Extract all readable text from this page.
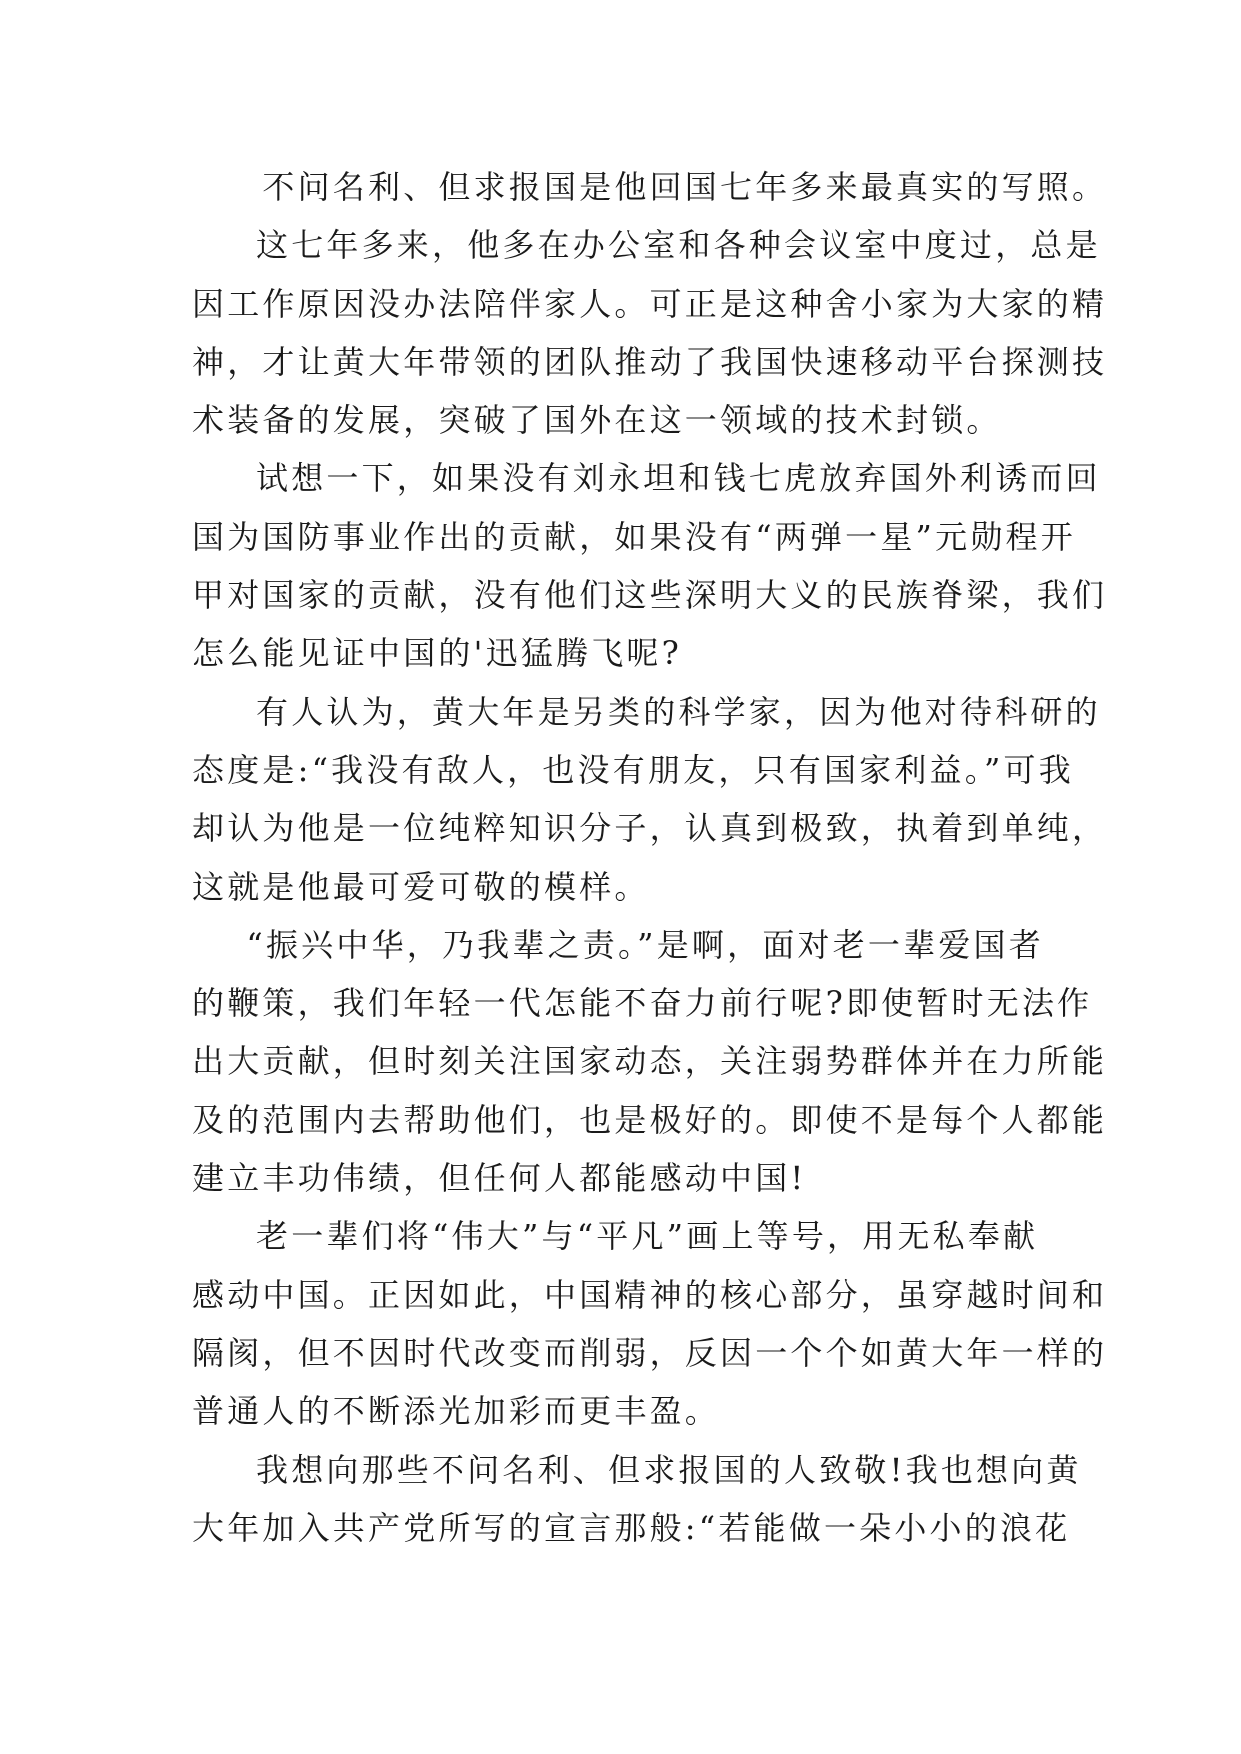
不问名利、但求报国是他回国七年多来最真实的写照。

这七年多来，他多在办公室和各种会议室中度过，总是
因工作原因没办法陪伴家人。可正是这种舍小家为大家的精
神，才让黄大年带领的团队推动了我国快速移动平台探测技
术装备的发展，突破了国外在这一领域的技术封锁。

试想一下，如果没有刘永坦和钱七虎放弃国外利诱而回
国为国防事业作出的贡献，如果没有“两弹一星”元勋程开
甲对国家的贡献，没有他们这些深明大义的民族脊梁，我们
怎么能见证中国的'迅猛腾飞呢?

有人认为，黄大年是另类的科学家，因为他对待科研的
态度是:“我没有敌人，也没有朋友，只有国家利益。”可我
却认为他是一位纯粹知识分子，认真到极致，执着到单纯，
这就是他最可爱可敬的模样。

“振兴中华，乃我辈之责。”是啊，面对老一辈爱国者
的鞭策，我们年轻一代怎能不奋力前行呢?即使暂时无法作
出大贡献，但时刻关注国家动态，关注弱势群体并在力所能
及的范围内去帮助他们，也是极好的。即使不是每个人都能
建立丰功伟绩，但任何人都能感动中国!

老一辈们将“伟大”与“平凡”画上等号，用无私奉献
感动中国。正因如此，中国精神的核心部分，虽穿越时间和
隔阂，但不因时代改变而削弱，反因一个个如黄大年一样的
普通人的不断添光加彩而更丰盈。

我想向那些不问名利、但求报国的人致敬!我也想向黄
大年加入共产党所写的宣言那般:“若能做一朵小小的浪花
